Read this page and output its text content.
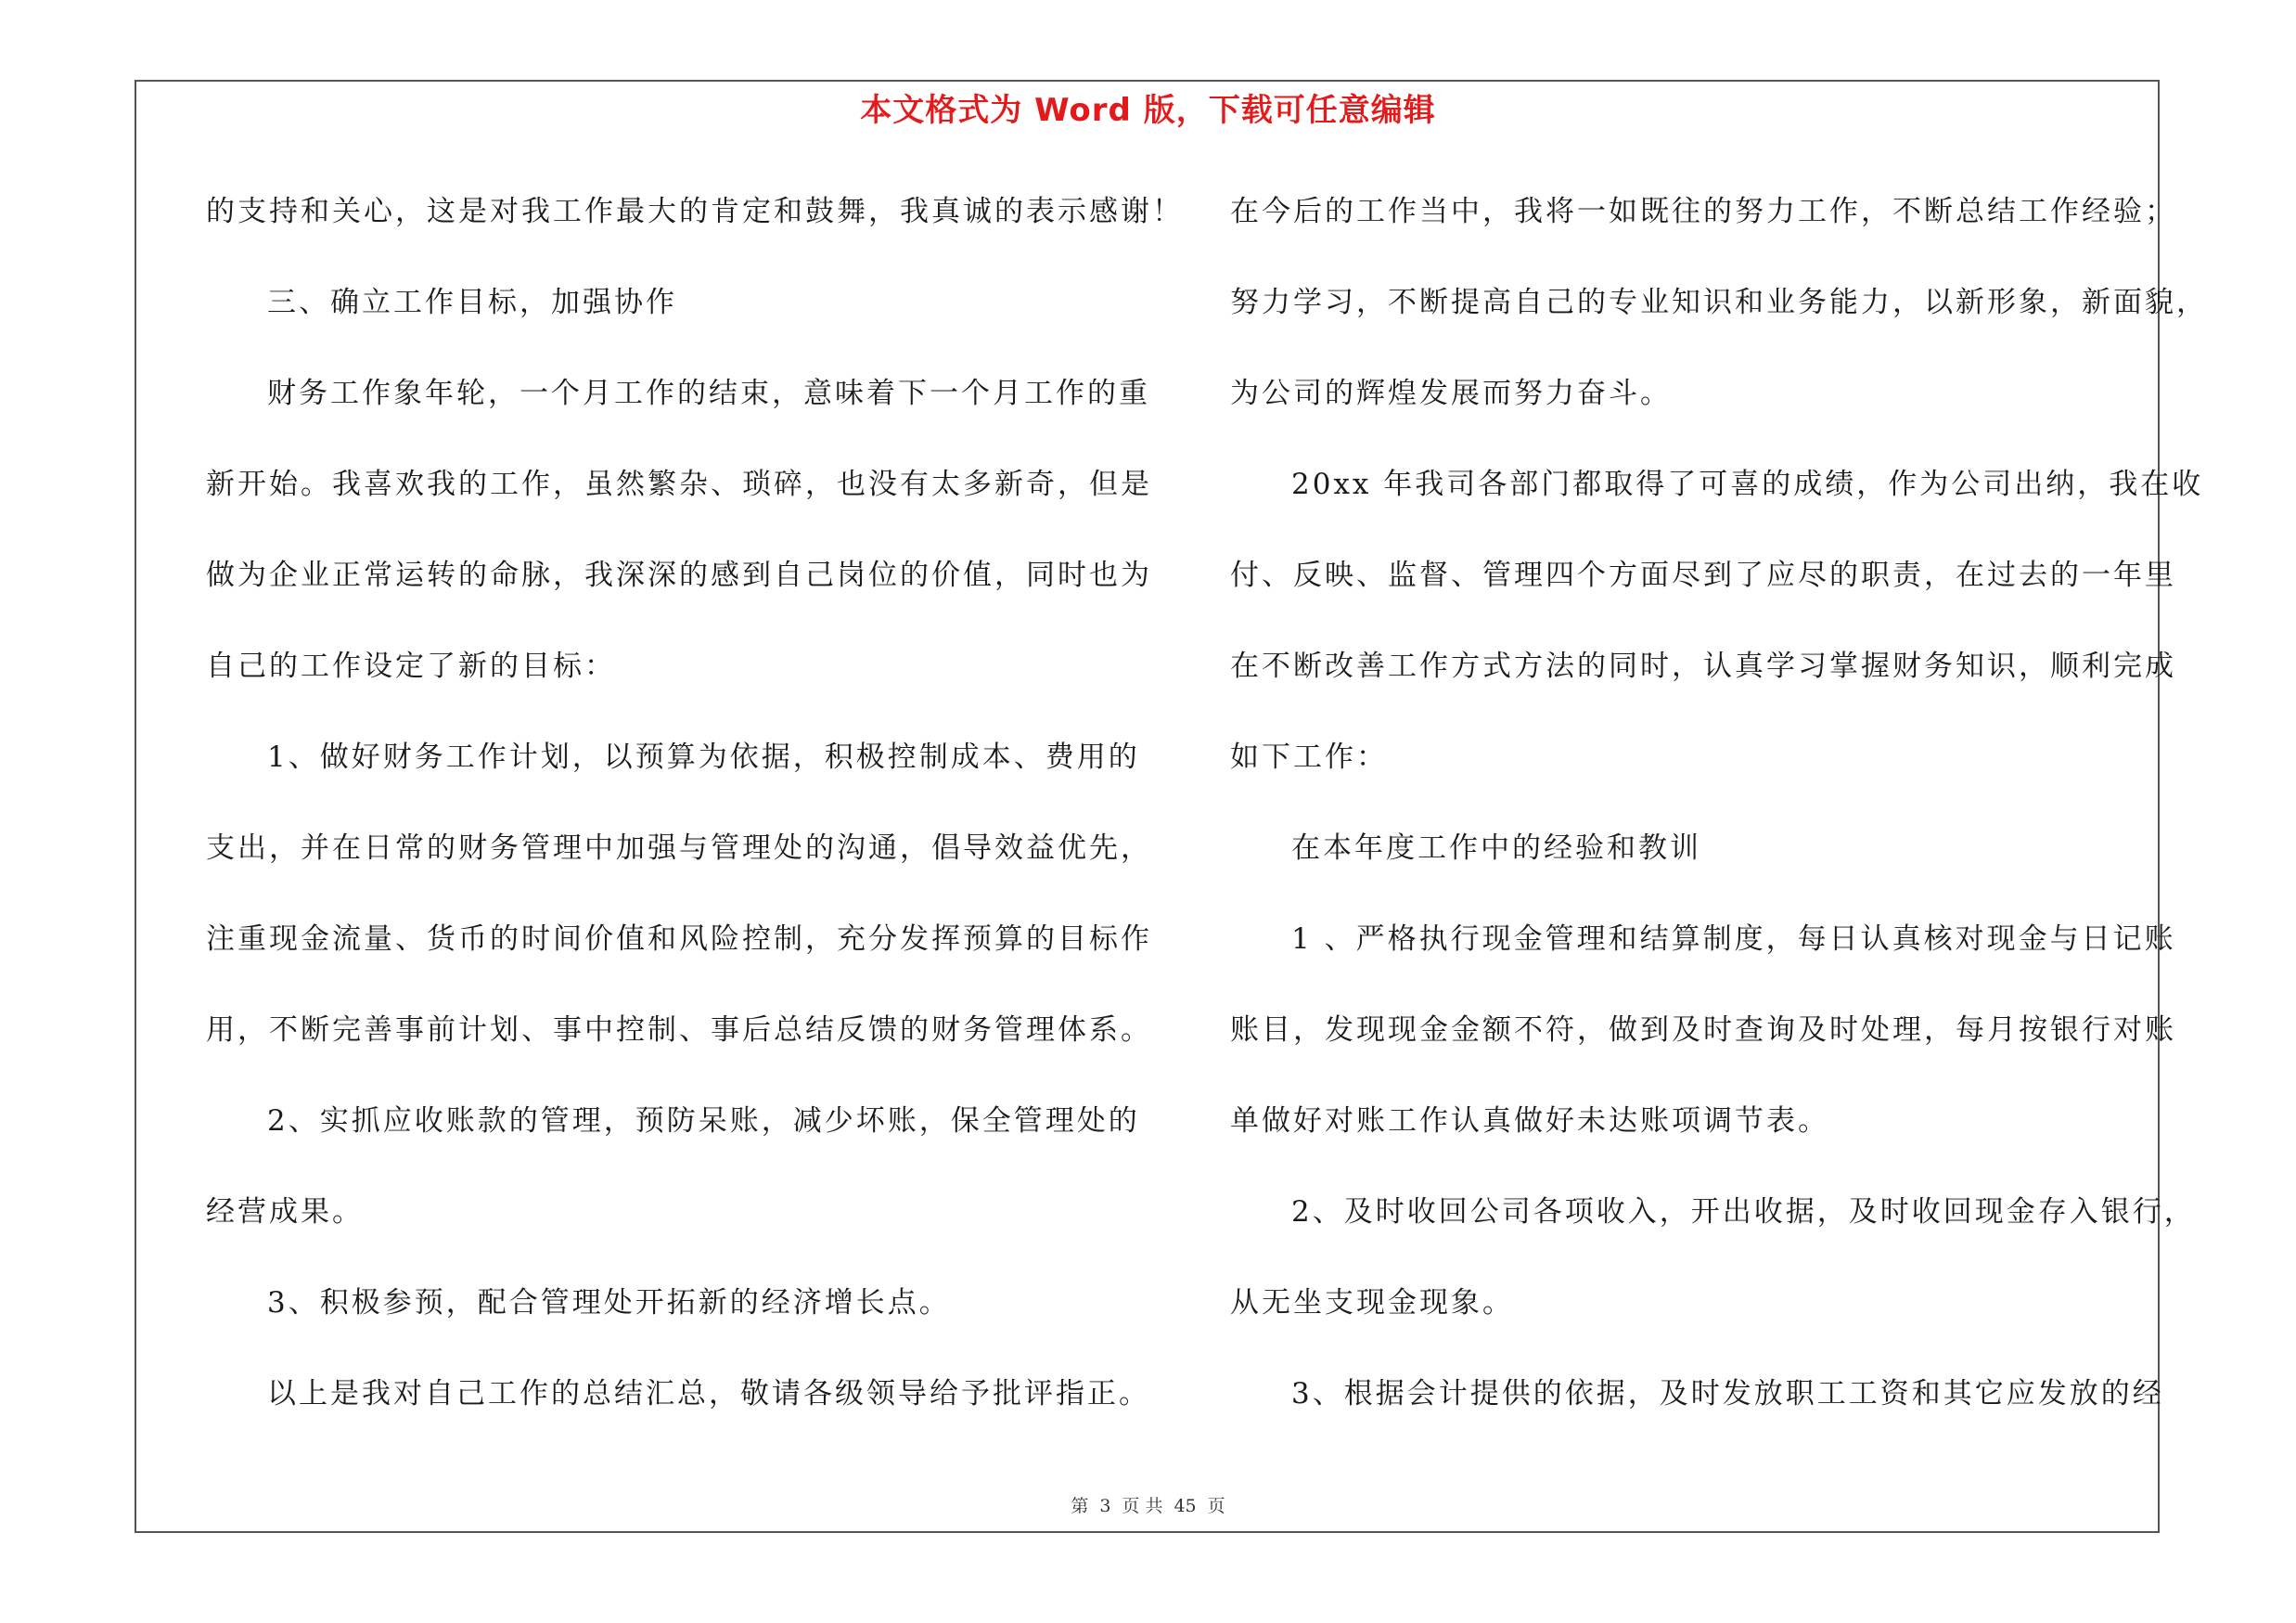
本文格式为 Word 版，下载可任意编辑
的支持和关心，这是对我工作最大的肯定和鼓舞，我真诚的表示感谢！
三、确立工作目标，加强协作
财务工作象年轮，一个月工作的结束，意味着下一个月工作的重
新开始。我喜欢我的工作，虽然繁杂、琐碎，也没有太多新奇，但是
做为企业正常运转的命脉，我深深的感到自己岗位的价值，同时也为
自己的工作设定了新的目标：
1、做好财务工作计划，以预算为依据，积极控制成本、费用的
支出，并在日常的财务管理中加强与管理处的沟通，倡导效益优先，
注重现金流量、货币的时间价值和风险控制，充分发挥预算的目标作
用，不断完善事前计划、事中控制、事后总结反馈的财务管理体系。
2、实抓应收账款的管理，预防呆账，减少坏账，保全管理处的
经营成果。
3、积极参预，配合管理处开拓新的经济增长点。
以上是我对自己工作的总结汇总，敬请各级领导给予批评指正。
在今后的工作当中，我将一如既往的努力工作，不断总结工作经验；
努力学习，不断提高自己的专业知识和业务能力，以新形象，新面貌，
为公司的辉煌发展而努力奋斗。
20xx 年我司各部门都取得了可喜的成绩，作为公司出纳，我在收
付、反映、监督、管理四个方面尽到了应尽的职责，在过去的一年里
在不断改善工作方式方法的同时，认真学习掌握财务知识，顺利完成
如下工作：
在本年度工作中的经验和教训
1 、严格执行现金管理和结算制度，每日认真核对现金与日记账
账目，发现现金金额不符，做到及时查询及时处理，每月按银行对账
单做好对账工作认真做好未达账项调节表。
2、及时收回公司各项收入，开出收据，及时收回现金存入银行，
从无坐支现金现象。
3、根据会计提供的依据，及时发放职工工资和其它应发放的经
第 3 页 共 45 页
